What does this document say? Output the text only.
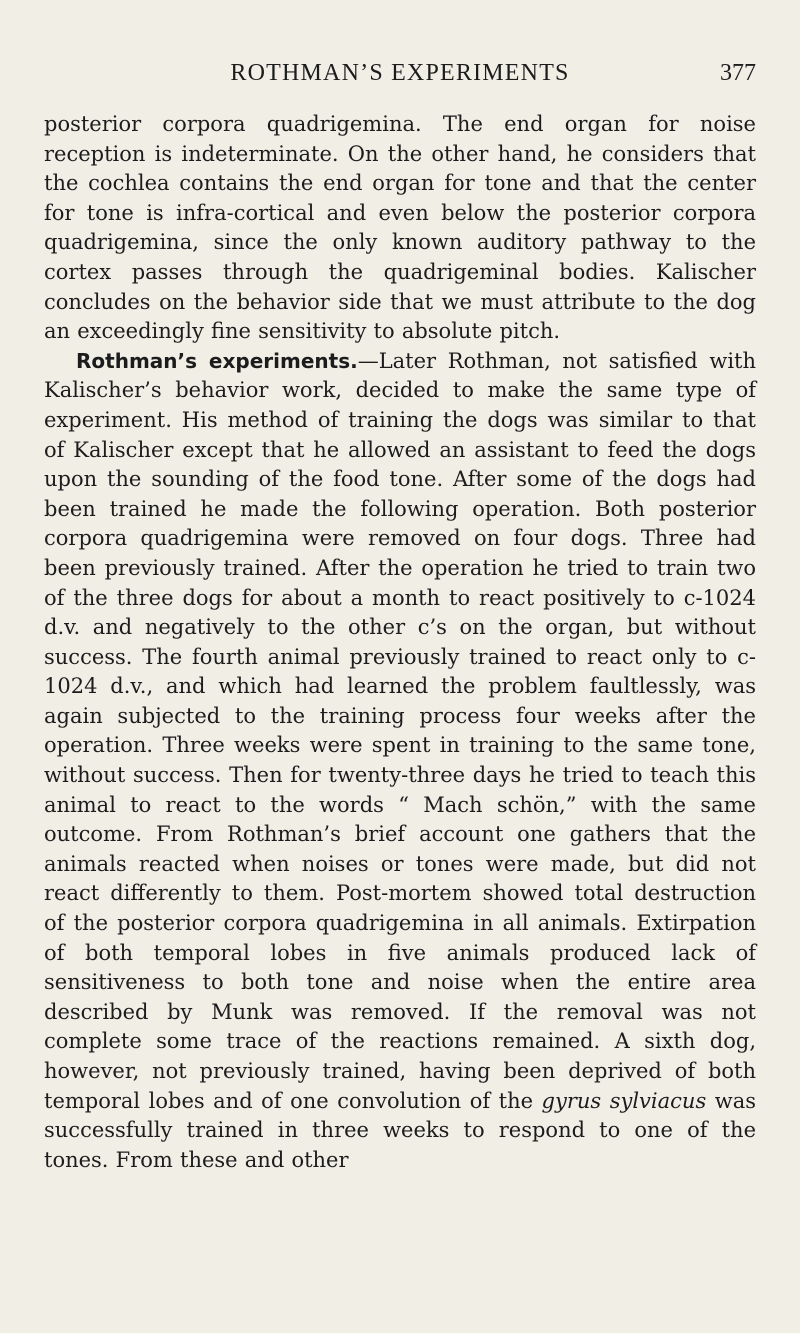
ROTHMAN’S EXPERIMENTS	377

posterior corpora quadrigemina. The end organ for noise reception is indeterminate. On the other hand, he considers that the cochlea contains the end organ for tone and that the center for tone is infra-cortical and even below the posterior corpora quadrigemina, since the only known auditory pathway to the cortex passes through the quadrigeminal bodies. Kalischer concludes on the behavior side that we must attribute to the dog an exceedingly fine sensitivity to absolute pitch.

Rothman’s experiments.—Later Rothman, not satisfied with Kalischer’s behavior work, decided to make the same type of experiment. His method of training the dogs was similar to that of Kalischer except that he allowed an assistant to feed the dogs upon the sounding of the food tone. After some of the dogs had been trained he made the following operation. Both posterior corpora quadrigemina were removed on four dogs. Three had been previously trained. After the operation he tried to train two of the three dogs for about a month to react positively to c-1024 d.v. and negatively to the other c’s on the organ, but without success. The fourth animal previously trained to react only to c-1024 d.v., and which had learned the problem faultlessly, was again subjected to the training process four weeks after the operation. Three weeks were spent in training to the same tone, without success. Then for twenty-three days he tried to teach this animal to react to the words “ Mach schön,” with the same outcome. From Rothman’s brief account one gathers that the animals reacted when noises or tones were made, but did not react differently to them. Post-mortem showed total destruction of the posterior corpora quadrigemina in all animals. Extirpation of both temporal lobes in five animals produced lack of sensitiveness to both tone and noise when the entire area described by Munk was removed. If the removal was not complete some trace of the reactions remained. A sixth dog, however, not previously trained, having been deprived of both temporal lobes and of one convolution of the gyrus sylviacus was successfully trained in three weeks to respond to one of the tones. From these and other
